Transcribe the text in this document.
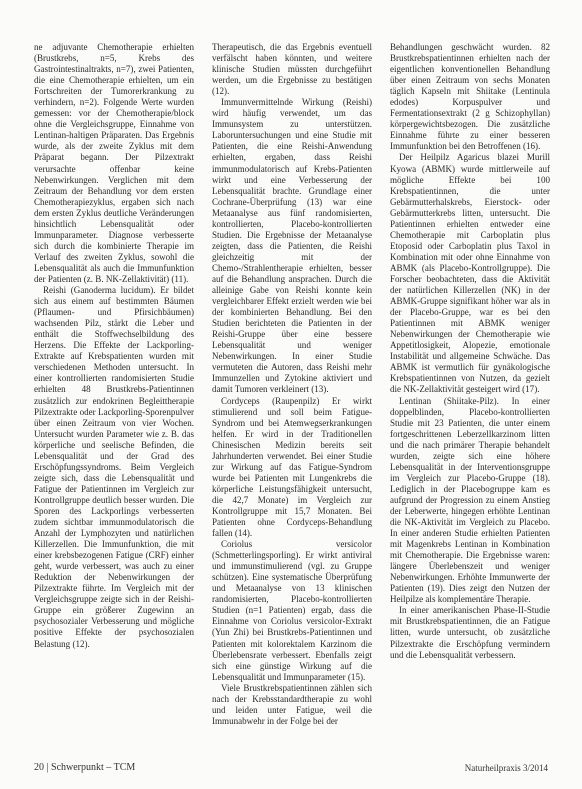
ne adjuvante Chemotherapie erhielten (Brustkrebs, n=5, Krebs des Gastrointestinaltrakts, n=7), zwei Patienten, die eine Chemotherapie erhielten, um ein Fortschreiten der Tumorerkrankung zu verhindern, n=2). Folgende Werte wurden gemessen: vor der Chemotherapie/block ohne die Vergleichsgruppe, Einnahme von Lentinan-haltigen Präparaten. Das Ergebnis wurde, als der zweite Zyklus mit dem Präparat begann. Der Pilzextrakt verursachte offenbar keine Nebenwirkungen. Verglichen mit dem Zeitraum der Behandlung vor dem ersten Chemotherapiezyklus, ergaben sich nach dem ersten Zyklus deutliche Veränderungen hinsichtlich Lebensqualität oder Immunparameter. Diagnose verbesserte sich durch die kombinierte Therapie im Verlauf des zweiten Zyklus, sowohl die Lebensqualität als auch die Immunfunktion der Patienten (z. B. NK-Zellaktivität) (11).

Reishi (Ganoderma lucidum). Er bildet sich aus einem auf bestimmten Bäumen (Pflaumen- und Pfirsichbäumen) wachsenden Pilz, stärkt die Leber und enthält die Stoffwechselbildung des Herzens. Die Effekte der Lackporling-Extrakte auf Krebspatienten wurden mit verschiedenen Methoden untersucht. In einer kontrollierten randomisierten Studie erhielten 48 Brustkrebs-Patientinnen zusätzlich zur endokrinen Begleittherapie Pilzextrakte oder Lackporling-Sporenpulver über einen Zeitraum von vier Wochen. Untersucht wurden Parameter wie z. B. das körperliche und seelische Befinden, die Lebensqualität und der Grad des Erschöpfungssyndroms. Beim Vergleich zeigte sich, dass die Lebensqualität und Fatigue der Patientinnen im Vergleich zur Kontrollgruppe deutlich besser wurden. Die Sporen des Lackporlings verbesserten zudem sichtbar immunmodulatorisch die Anzahl der Lymphozyten und natürlichen Killerzellen. Die Immunfunktion, die mit einer krebsbezogenen Fatigue (CRF) einher geht, wurde verbessert, was auch zu einer Reduktion der Nebenwirkungen der Pilzextrakte führte. Im Vergleich mit der Vergleichsgruppe zeigte sich in der Reishi-Gruppe ein größerer Zugewinn an psychosozialer Verbesserung und mögliche positive Effekte der psychosozialen Belastung (12).

Therapeutisch, die das Ergebnis eventuell verfälscht haben könnten, und weitere klinische Studien müssten durchgeführt werden, um die Ergebnisse zu bestätigen (12).

Immunvermittelnde Wirkung (Reishi) wird häufig verwendet, um das Immunsystem zu unterstützen. Laboruntersuchungen und eine Studie mit Patienten, die eine Reishi-Anwendung erhielten, ergaben, dass Reishi immunmodulatorisch auf Krebs-Patienten wirkt und eine Verbesserung der Lebensqualität brachte. Grundlage einer Cochrane-Überprüfung (13) war eine Metaanalyse aus fünf randomisierten, kontrollierten, Placebo-kontrollierten Studien. Die Ergebnisse der Metaanalyse zeigten, dass die Patienten, die Reishi gleichzeitig mit der Chemo-/Strahlentherapie erhielten, besser auf die Behandlung ansprachen. Durch die alleinige Gabe von Reishi konnte kein vergleichbarer Effekt erzielt werden wie bei der kombinierten Behandlung. Bei den Studien berichteten die Patienten in der Reishi-Gruppe über eine bessere Lebensqualität und weniger Nebenwirkungen. In einer Studie vermuteten die Autoren, dass Reishi mehr Immunzellen und Zytokine aktiviert und damit Tumoren verkleinert (13).

Cordyceps (Raupenpilz) Er wirkt stimulierend und soll beim Fatigue-Syndrom und bei Atemwegserkrankungen helfen. Er wird in der Traditionellen Chinesischen Medizin bereits seit Jahrhunderten verwendet. Bei einer Studie zur Wirkung auf das Fatigue-Syndrom wurde bei Patienten mit Lungenkrebs die körperliche Leistungsfähigkeit untersucht, die 42,7 Monate) im Vergleich zur Kontrollgruppe mit 15,7 Monaten. Bei Patienten ohne Cordyceps-Behandlung fallen (14).

Coriolus versicolor (Schmetterlingsporling). Er wirkt antiviral und immunstimulierend (vgl. zu Gruppe schützen). Eine systematische Überprüfung und Metaanalyse von 13 klinischen randomisierten, Placebo-kontrollierten Studien (n=1 Patienten) ergab, dass die Einnahme von Coriolus versicolor-Extrakt (Yun Zhi) bei Brustkrebs-Patientinnen und Patienten mit kolorektalem Karzinom die Überlebensrate verbessert. Ebenfalls zeigt sich eine günstige Wirkung auf die Lebensqualität und Immunparameter (15).

Viele Brustkrebspatientinnen zählen sich nach der Krebsstandardtherapie zu wohl und leiden unter Fatigue, weil die Immunabwehr in der Folge bei der

Behandlungen geschwächt wurden. 82 Brustkrebspatientinnen erhielten nach der eigentlichen konventionellen Behandlung über einen Zeitraum von sechs Monaten täglich Kapseln mit Shiitake (Lentinula edodes) Korpuspulver und Fermentationsextrakt (2 g Schizophyllan) körpergewichtsbezogen. Die zusätzliche Einnahme führte zu einer besseren Immunfunktion bei den Betroffenen (16).

Der Heilpilz Agaricus blazei Murill Kyowa (ABMK) wurde mittlerweile auf mögliche Effekte bei 100 Krebspatientinnen, die unter Gebärmutterhalskrebs, Eierstock- oder Gebärmutterkrebs litten, untersucht. Die Patientinnen erhielten entweder eine Chemotherapie mit Carboplatin plus Etoposid oder Carboplatin plus Taxol in Kombination mit oder ohne Einnahme von ABMK (als Placebo-Kontrollgruppe). Die Forscher beobachteten, dass die Aktivität der natürlichen Killerzellen (NK) in der ABMK-Gruppe signifikant höher war als in der Placebo-Gruppe, war es bei den Patientinnen mit ABMK weniger Nebenwirkungen der Chemotherapie wie Appetitlosigkeit, Alopezie, emotionale Instabilität und allgemeine Schwäche. Das ABMK ist vermutlich für gynäkologische Krebspatientinnen von Nutzen, da gezielt die NK-Zellaktivität gesteigert wird (17).

Lentinan (Shiitake-Pilz). In einer doppelblinden, Placebo-kontrollierten Studie mit 23 Patienten, die unter einem fortgeschrittenen Leberzellkarzinom litten und die nach primärer Therapie behandelt wurden, zeigte sich eine höhere Lebensqualität in der Interventionsgruppe im Vergleich zur Placebo-Gruppe (18). Lediglich in der Placebogruppe kam es aufgrund der Progression zu einem Anstieg der Leberwerte, hingegen erhöhte Lentinan die NK-Aktivität im Vergleich zu Placebo. In einer anderen Studie erhielten Patienten mit Magenkrebs Lentinan in Kombination mit Chemotherapie. Die Ergebnisse waren: längere Überlebenszeit und weniger Nebenwirkungen. Erhöhte Immunwerte der Patienten (19). Dies zeigt den Nutzen der Heilpilze als komplementäre Therapie.

In einer amerikanischen Phase-II-Studie mit Brustkrebspatientinnen, die an Fatigue litten, wurde untersucht, ob zusätzliche Pilzextrakte die Erschöpfung vermindern und die Lebensqualität verbessern.

20 | Schwerpunkt – TCM	Naturheilpraxis 3/2014
